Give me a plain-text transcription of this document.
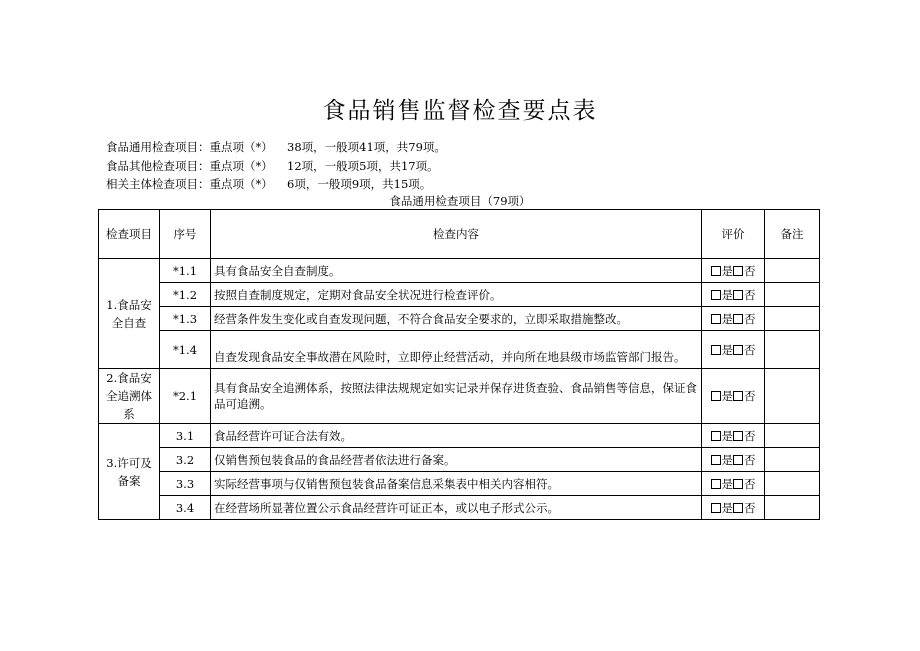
食品销售监督检查要点表
食品通用检查项目：重点项（*） 38项，一般项41项，共79项。
食品其他检查项目：重点项（*） 12项，一般项5项，共17项。
相关主体检查项目：重点项（*） 6项，一般项9项，共15项。
食品通用检查项目（79项）
检查项目	序号	检查内容	评价	备注
1.食品安全自查	*1.1	具有食品安全自查制度。	是 否	
	*1.2	按照自查制度规定，定期对食品安全状况进行检查评价。	是 否	
	*1.3	经营条件发生变化或自查发现问题，不符合食品安全要求的，立即采取措施整改。	是 否	
	*1.4	自查发现食品安全事故潜在风险时，立即停止经营活动，并向所在地县级市场监管部门报告。	是 否	
2.食品安全追溯体系	*2.1	具有食品安全追溯体系，按照法律法规规定如实记录并保存进货查验、食品销售等信息，保证食品可追溯。	是 否	
3.许可及备案	3.1	食品经营许可证合法有效。	是 否	
	3.2	仅销售预包装食品的食品经营者依法进行备案。	是 否	
	3.3	实际经营事项与仅销售预包装食品备案信息采集表中相关内容相符。	是 否	
	3.4	在经营场所显著位置公示食品经营许可证正本，或以电子形式公示。	是 否	
